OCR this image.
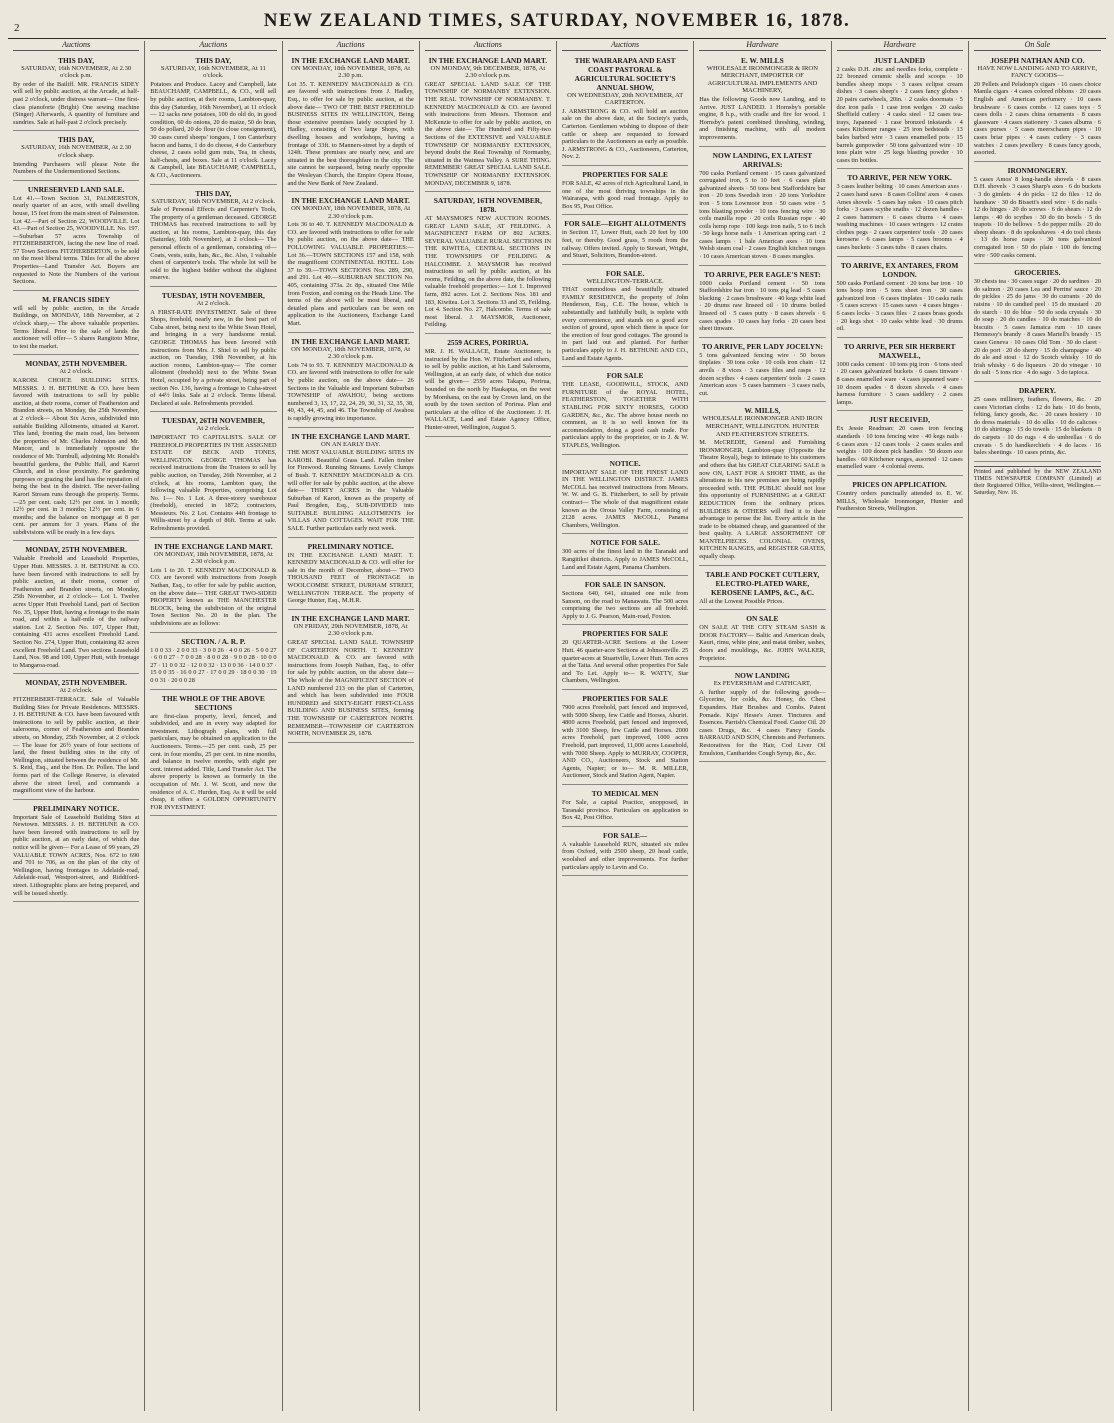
2	NEW ZEALAND TIMES, SATURDAY, NOVEMBER 16, 1878.
Auctions
THIS DAY,
SATURDAY, 16th NOVEMBER, At 2.30 o'clock p.m.

By order of the Bailiff. MR. FRANCIS SIDEY will sell by public auction, at the Arcade, at half-past 2 o'clock, under distress warrant— One first-class pianoforte (Bright) One sewing machine (Singer) Afterwards, A quantity of furniture and sundries. Sale at half-past 2 o'clock precisely.

THIS DAY,
SATURDAY, 16th NOVEMBER, At 2.30 o'clock sharp.

Intending Purchasers will please Note the Numbers of the Undermentioned Sections.

UNRESERVED LAND SALE.

Lot 41.—Town Section 31, PALMERSTON, nearly quarter of an acre, with small dwelling house, 15 feet from the main street of Palmerston. Lot 42.—Part of Section 22, WOODVILLE. Lot 43.—Part of Section 25, WOODVILLE. No. 197.—Suburban 57 acres Township of FITZHERBERTON, facing the new line of road. 57 Town Sections FITZHERBERTON, to be sold on the most liberal terms. Titles for all the above Properties—Land Transfer Act. Buyers are requested to Note the Numbers of the various Sections.

M. FRANCIS SIDEY

will sell by public auction, in the Arcade Buildings, on MONDAY, 18th November, at 2 o'clock sharp,— The above valuable properties. Terms liberal. Prior to the sale of lands the auctioneer will offer— 5 shares Rangitoto Mine, to test the market.

MONDAY, 25TH NOVEMBER.
At 2 o'clock.

KAROBI. CHOICE BUILDING SITES. MESSRS. J. H. BETHUNE & CO. have been favored with instructions to sell by public auction, at their rooms, corner of Featherston and Brandon streets, on Monday, the 25th November, at 2 o'clock— About Six Acres, subdivided into suitable Building Allotments, situated at Karori. This land, fronting the main road, lies between the properties of Mr. Charles Johnston and Mr. Mancer, and is immediately opposite the residence of Mr. Turnbull, adjoining Mr. Ronald's beautiful gardens, the Public Hall, and Karori Church, and in close proximity. For gardening purposes or grazing the land has the reputation of being the best in the district. The never-failing Karori Stream runs through the property. Terms.—25 per cent. cash; 12½ per cent. in 1 month; 12½ per cent. in 3 months; 12½ per cent. in 6 months; and the balance on mortgage at 8 per cent. per annum for 3 years. Plans of the subdivisions will be ready in a few days.

MONDAY, 25TH NOVEMBER.

Valuable Freehold and Leasehold Properties, Upper Hutt. MESSRS. J. H. BETHUNE & CO. have been favored with instructions to sell by public auction, at their rooms, corner of Featherston and Brandon streets, on Monday, 25th November, at 2 o'clock— Lot 1. Twelve acres Upper Hutt Freehold Land, part of Section No. 35, Upper Hutt, having a frontage to the main road, and within a half-mile of the railway station. Lot 2. Section No. 107, Upper Hutt, containing 431 acres excellent Freehold Land. Section No. 274, Upper Hutt, containing 82 acres excellent Freehold Land. Two sections Leasehold Land, Nos. 98 and 100, Upper Hutt, with frontage to Mangaroa-road.

MONDAY, 25TH NOVEMBER.
At 2 o'clock.

FITZHERBERT-TERRACE. Sale of Valuable Building Sites for Private Residences. MESSRS. J. H. BETHUNE & CO. have been favoured with instructions to sell by public auction, at their salerooms, corner of Featherston and Brandon streets, on Monday, 25th November, at 2 o'clock— The lease for 26½ years of four sections of land, the finest building sites in the city of Wellington, situated between the residence of Mr. S. Reid, Esq., and the Hon. Dr. Pollen. The land forms part of the College Reserve, is elevated above the street level, and commands a magnificent view of the harbour.

PRELIMINARY NOTICE.

Important Sale of Leasehold Building Sites at Newtown. MESSRS. J. H. BETHUNE & CO. have been favored with instructions to sell by public auction, at an early date, of which due notice will be given— For a Lease of 99 years, 29 VALUABLE TOWN ACRES, Nos. 672 to 690 and 701 to 706, as on the plan of the city of Wellington, having frontages to Adelaide-road, Adelaide-road, Westport-street, and Riddiford-street. Lithographic plans are being prepared, and will be issued shortly.

Auctions
THIS DAY,
SATURDAY, 16th NOVEMBER, At 11 o'clock.

Potatoes and Produce. Lacey and Campbell, late BEAUCHAMP, CAMPBELL, & CO., will sell by public auction, at their rooms, Lambton-quay, this day (Saturday, 16th November), at 11 o'clock— 12 sacks new potatoes, 100 do old do, in good condition, 60 do onions, 20 do maize, 50 do bran, 50 do pollard, 20 do flour (to close consignment), 30 cases cured sheeps' tongues, 1 ton Canterbury bacon and hams, 1 do do cheese, 4 do Canterbury cheese, 2 cases solid gum nuts, Tea, in chests, half-chests, and boxes. Sale at 11 o'clock. Lacey & Campbell, late BEAUCHAMP, CAMPBELL, & CO., Auctioneers.

THIS DAY,
SATURDAY, 16th NOVEMBER, At 2 o'clock.

Sale of Personal Effects and Carpenter's Tools, The property of a gentleman deceased. GEORGE THOMAS has received instructions to sell by auction, at his rooms, Lambton-quay, this day (Saturday, 16th November), at 2 o'clock— The personal effects of a gentleman, consisting of— Coats, vests, suits, hats, &c., &c. Also, 1 valuable chest of carpenter's tools. The whole lot will be sold to the highest bidder without the slightest reserve.

TUESDAY, 19TH NOVEMBER,
At 2 o'clock.

A FIRST-RATE INVESTMENT. Sale of three Shops, freehold, nearly new, in the best part of Cuba street, being next to the White Swan Hotel, and bringing in a very handsome rental. GEORGE THOMAS has been favored with instructions from Mrs. J. Shiel to sell by public auction, on Tuesday, 19th November, at his auction rooms, Lambton-quay— The corner allotment (freehold) next to the White Swan Hotel, occupied by a private street, being part of section No. 136, having a frontage to Cuba-street of 44½ links. Sale at 2 o'clock. Terms liberal. Declared at sale. Refreshments provided.

TUESDAY, 26TH NOVEMBER,
At 2 o'clock.

IMPORTANT TO CAPITALISTS. SALE OF FREEHOLD PROPERTIES IN THE ASSIGNED ESTATE OF BECK AND TONES, WELLINGTON. GEORGE THOMAS has received instructions from the Trustees to sell by public auction, on Tuesday, 26th November, at 2 o'clock, at his rooms, Lambton quay, the following valuable Properties, comprising Lot No. 1— No. 1 Lot. A three-storey warehouse (freehold), erected in 1872; contractors, Messieurs. No. 2 Lot. Contains 44ft frontage to Willis-street by a depth of 86ft. Terms at sale. Refreshments provided.

IN THE EXCHANGE LAND MART.
ON MONDAY, 18th NOVEMBER, 1878, At 2.30 o'clock p.m.

Lots 1 to 20. T. KENNEDY MACDONALD & CO. are favored with instructions from Joseph Nathan, Esq., to offer for sale by public auction, on the above date— THE GREAT TWO-SIDED PROPERTY known as THE MANCHESTER BLOCK, being the subdivision of the original Town Section No. 20 in the plan. The subdivisions are as follows:

SECTION. / A. R. P.

1 0 0 33 · 2 0 0 33 · 3 0 0 26 · 4 0 0 26 · 5 0 0 27 · 6 0 0 27 · 7 0 0 28 · 8 0 0 28 · 9 0 0 28 · 10 0 0 27 · 11 0 0 32 · 12 0 0 32 · 13 0 0 36 · 14 0 0 37 · 15 0 0 35 · 16 0 0 27 · 17 0 0 29 · 18 0 0 30 · 19 0 0 31 · 20 0 0 28

THE WHOLE OF THE ABOVE SECTIONS

are first-class property, level, fenced, and subdivided, and are in every way adapted for investment. Lithograph plans, with full particulars, may be obtained on application to the Auctioneers. Terms.—25 per cent. cash, 25 per cent. in four months, 25 per cent. in nine months, and balance in twelve months, with eight per cent. interest added. Title, Land Transfer Act. The above property is known as formerly in the occupation of Mr. J. W. Scott, and now the residence of A. C. Hurden, Esq. As it will be sold cheap, it offers a GOLDEN OPPORTUNITY FOR INVESTMENT.

Auctions
IN THE EXCHANGE LAND MART.
ON MONDAY, 18th NOVEMBER, 1878, At 2.30 p.m.

Lot 35. T. KENNEDY MACDONALD & CO. are favored with instructions from J. Hadley, Esq., to offer for sale by public auction, at the above date— TWO OF THE BEST FREEHOLD BUSINESS SITES IN WELLINGTON, Being those extensive premises lately occupied by J. Hadley, consisting of Two large Shops, with dwelling houses and workshops, having a frontage of 33ft. to Manners-street by a depth of 124ft. These premises are nearly new, and are situated in the best thoroughfare in the city. The site cannot be surpassed, being nearly opposite the Wesleyan Church, the Empire Opera House, and the New Bank of New Zealand.

IN THE EXCHANGE LAND MART.
ON MONDAY, 18th NOVEMBER, 1878, At 2.30 o'clock p.m.

Lots 36 to 40. T. KENNEDY MACDONALD & CO. are favored with instructions to offer for sale by public auction, on the above date— THE FOLLOWING VALUABLE PROPERTIES:— Lot 36.—TOWN SECTIONS 157 and 158, with the magnificent CONTINENTAL HOTEL. Lots 37 to 39.—TOWN SECTIONS Nos. 289, 290, and 291. Lot 40.—SUBURBAN SECTION No. 405, containing 373a. 2r. 8p., situated One Mile from Foxton, and coming on the Heads Line. The terms of the above will be most liberal, and detailed plans and particulars can be seen on application to the Auctioneers, Exchange Land Mart.

IN THE EXCHANGE LAND MART.
ON MONDAY, 18th NOVEMBER, 1878, At 2.30 o'clock p.m.

Lots 74 to 93. T. KENNEDY MACDONALD & CO. are favored with instructions to offer for sale by public auction, on the above date— 26 Sections in the Valuable and Important Suburban TOWNSHIP of AWAHOU, being sections numbered 3, 13, 17, 22, 24, 29, 30, 31, 32, 35, 38, 40, 43, 44, 45, and 46. The Township of Awahou is rapidly growing into importance.

IN THE EXCHANGE LAND MART.
ON AN EARLY DAY.

THE MOST VALUABLE BUILDING SITES IN KAROBI. Beautiful Grass Land. Fallen timber for Firewood. Running Streams. Lovely Clumps of Bush. T. KENNEDY MACDONALD & CO. will offer for sale by public auction, at the above date— THIRTY ACRES in the Valuable Suburban of Karori, known as the property of Paul Brogden, Esq., SUB-DIVIDED into SUITABLE BUILDING ALLOTMENTS for VILLAS AND COTTAGES. WAIT FOR THE SALE. Further particulars early next week.

PRELIMINARY NOTICE.

IN THE EXCHANGE LAND MART. T. KENNEDY MACDONALD & CO. will offer for sale in the month of December, about— TWO THOUSAND FEET of FRONTAGE in WOOLCOMBE STREET, DURHAM STREET, WELLINGTON TERRACE. The property of George Hunter, Esq., M.H.R.

IN THE EXCHANGE LAND MART.
ON FRIDAY, 29th NOVEMBER, 1878, At 2.30 o'clock p.m.

GREAT SPECIAL LAND SALE. TOWNSHIP OF CARTERTON NORTH. T. KENNEDY MACDONALD & CO. are favored with instructions from Joseph Nathan, Esq., to offer for sale by public auction, on the above date— The Whole of the MAGNIFICENT SECTION of LAND numbered 213 on the plan of Carterton, and which has been subdivided into FOUR HUNDRED and SIXTY-EIGHT FIRST-CLASS BUILDING AND BUSINESS SITES, forming THE TOWNSHIP OF CARTERTON NORTH. REMEMBER—TOWNSHIP OF CARTERTON NORTH, NOVEMBER 29, 1878.

Auctions
IN THE EXCHANGE LAND MART.
ON MONDAY, 9th DECEMBER, 1878, At 2.30 o'clock p.m.

GREAT SPECIAL LAND SALE OF THE TOWNSHIP OF NORMANBY EXTENSION. THE REAL TOWNSHIP OF NORMANBY. T. KENNEDY MACDONALD & CO. are favored with instructions from Messrs. Thomson and McKenzie to offer for sale by public auction, on the above date— The Hundred and Fifty-two Sections of the EXTENSIVE and VALUABLE TOWNSHIP OF NORMANBY EXTENSION, beyond doubt the Real Township of Normanby, situated in the Waimea Valley. A SURE THING. REMEMBER! GREAT SPECIAL LAND SALE. TOWNSHIP OF NORMANBY EXTENSION. MONDAY, DECEMBER 9, 1878.

SATURDAY, 16TH NOVEMBER, 1878.

AT MAYSMOR'S NEW AUCTION ROOMS. GREAT LAND SALE, AT FEILDING. A MAGNIFICENT FARM OF 892 ACRES. SEVERAL VALUABLE RURAL SECTIONS IN THE KIWITEA, CENTRAL SECTIONS IN THE TOWNSHIPS OF FEILDING & HALCOMBE. J. MAYSMOR has received instructions to sell by public auction, at his rooms, Feilding, on the above date, the following valuable freehold properties:— Lot 1. Improved farm, 892 acres. Lot 2. Sections Nos. 181 and 183, Kiwitea. Lot 3. Sections 33 and 35, Feilding. Lot 4. Section No. 27, Halcombe. Terms of sale most liberal. J. MAYSMOR, Auctioneer, Feilding.

2559 ACRES, PORIRUA.

MR. J. H. WALLACE, Estate Auctioneer, is instructed by the Hon. W. Fitzherbert and others, to sell by public auction, at his Land Salerooms, Wellington, at an early date, of which due notice will be given— 2559 acres Takapu, Porirua, bounded on the north by Haukapua, on the west by Mornhana, on the east by Crown land, on the south by the town section of Porirua. Plan and particulars at the office of the Auctioneer. J. H. WALLACE, Land and Estate Agency Office, Hunter-street, Wellington, August 5.

Auctions
THE WAIRARAPA AND EAST COAST PASTORAL & AGRICULTURAL SOCIETY'S ANNUAL SHOW,
ON WEDNESDAY, 20th NOVEMBER, AT CARTERTON.

J. ARMSTRONG & CO. will hold an auction sale on the above date, at the Society's yards, Carterton. Gentlemen wishing to dispose of their cattle or sheep are requested to forward particulars to the Auctioneers as early as possible. J. ARMSTRONG & CO., Auctioneers, Carterton, Nov. 2.

PROPERTIES FOR SALE

FOR SALE, 42 acres of rich Agricultural Land, in one of the most thriving townships in the Wairarapa, with good road frontage. Apply to Box 95, Post Office.

FOR SALE—EIGHT ALLOTMENTS

in Section 17, Lower Hutt, each 20 feet by 100 feet, or thereby. Good grass, 5 roods from the railway. Offers invited. Apply to Stewart, Wright, and Stuart, Solicitors, Brandon-street.

FOR SALE.
WELLINGTON-TERRACE.

THAT commodious and beautifully situated FAMILY RESIDENCE, the property of John Henderson, Esq., C.E. The house, which is substantially and faithfully built, is replete with every convenience, and stands on a good acre section of ground, upon which there is space for the erection of four good cottages. The ground is in part laid out and planted. For further particulars apply to J. H. BETHUNE AND CO., Land and Estate Agents.

FOR SALE

THE LEASE, GOODWILL, STOCK, AND FURNITURE of the ROYAL HOTEL, FEATHERSTON, TOGETHER WITH STABLING FOR SIXTY HORSES, GOOD GARDEN, &c., &c. The above house needs no comment, as it is so well known for its accommodation, doing a good cash trade. For particulars apply to the proprietor, or to J. & W. STAPLES, Wellington.

NOTICE.

IMPORTANT SALE OF THE FINEST LAND IN THE WELLINGTON DISTRICT. JAMES McCOLL has received instructions from Messrs. W. W. and G. B. Fitzherbert, to sell by private contract— The whole of that magnificent estate known as the Oroua Valley Farm, consisting of 2128 acres. JAMES McCOLL, Panama Chambers, Wellington.

NOTICE FOR SALE.

300 acres of the finest land in the Taranaki and Rangitikei districts. Apply to JAMES McCOLL, Land and Estate Agent, Panama Chambers.

FOR SALE IN SANSON.

Sections 640, 641, situated one mile from Sanson, on the road to Manawatu. The 500 acres comprising the two sections are all freehold. Apply to J. G. Pearson, Main-road, Foxton.

PROPERTIES FOR SALE

20 QUARTER-ACRE Sections at the Lower Hutt. 46 quarter-acre Sections at Johnsonville. 25 quarter-acres at Stuartville, Lower Hutt. Ten acres at the Taita. And several other properties For Sale and To Let. Apply to— R. WATTY, Star Chambers, Wellington.

PROPERTIES FOR SALE

7900 acres Freehold, part fenced and improved, with 5000 Sheep, few Cattle and Horses, Ahuriri. 4800 acres Freehold, part fenced and improved, with 3100 Sheep, few Cattle and Horses. 2000 acres Freehold, part improved, 1000 acres Freehold, part improved, 11,000 acres Leasehold, with 7000 Sheep. Apply to MURRAY, COOPER, AND CO., Auctioneers, Stock and Station Agents, Napier; or to— M. R. MILLER, Auctioneer, Stock and Station Agent, Napier.

TO MEDICAL MEN

For Sale, a capital Practice, unopposed, in Taranaki province. Particulars on application to Box 42, Post Office.

FOR SALE—

A valuable Leasehold RUN, situated six miles from Oxford, with 2500 sheep, 20 head cattle, woolshed and other improvements. For further particulars apply to Levin and Co.

Hardware
E. W. MILLS
WHOLESALE IRONMONGER & IRON MERCHANT, IMPORTER OF AGRICULTURAL IMPLEMENTS AND MACHINERY,

Has the following Goods now Landing, and to Arrive. JUST LANDED. 1 Hornsby's portable engine, 8 h.p., with cradle and fire for wood. 1 Hornsby's patent combined threshing, winding, and finishing machine, with all modern improvements.

NOW LANDING, EX LATEST ARRIVALS:

700 casks Portland cement · 15 cases galvanized corrugated iron, 5 to 10 feet · 6 cases plain galvanized sheets · 50 tons best Staffordshire bar iron · 20 tons Swedish iron · 20 tons Yorkshire iron · 5 tons Lowmoor iron · 50 cases wire · 5 tons blasting powder · 10 tons fencing wire · 30 coils manilla rope · 20 coils Russian rope · 40 coils hemp rope · 100 kegs iron nails, 5 to 6 inch · 50 kegs horse nails · 1 American spring cart · 2 cases lamps · 1 bale American axes · 10 tons Welsh steam coal · 2 cases English kitchen ranges · 10 cases American stoves · 8 cases mangles.

TO ARRIVE, PER EAGLE'S NEST:

1000 casks Portland cement · 50 tons Staffordshire bar iron · 10 tons pig lead · 5 cases blacking · 2 cases brushware · 40 kegs white lead · 20 drums raw linseed oil · 10 drums boiled linseed oil · 5 cases putty · 8 cases shovels · 6 cases spades · 10 cases hay forks · 20 cases best sheet tinware.

TO ARRIVE, PER LADY JOCELYN:

5 tons galvanized fencing wire · 50 boxes tinplates · 30 tons coke · 10 coils iron chain · 12 anvils · 8 vices · 3 cases files and rasps · 12 dozen scythes · 4 cases carpenters' tools · 2 cases American axes · 5 cases hammers · 3 cases nails, cut.

W. MILLS,
WHOLESALE IRONMONGER AND IRON MERCHANT, WELLINGTON. HUNTER AND FEATHERSTON STREETS.

M. McCREDIE, General and Furnishing IRONMONGER, Lambton-quay (Opposite the Theatre Royal), begs to intimate to his customers and others that his GREAT CLEARING SALE is now ON, LAST FOR A SHORT TIME, as the alterations to his new premises are being rapidly proceeded with. THE PUBLIC should not lose this opportunity of FURNISHING at a GREAT REDUCTION from the ordinary prices. BUILDERS & OTHERS will find it to their advantage to peruse the list. Every article in the trade to be obtained cheap, and guaranteed of the best quality. A LARGE ASSORTMENT OF MANTELPIECES. COLONIAL OVENS, KITCHEN RANGES, and REGISTER GRATES, equally cheap.

TABLE AND POCKET CUTLERY, ELECTRO-PLATED WARE, KEROSENE LAMPS, &C., &C.

All at the Lowest Possible Prices.

ON SALE

ON SALE AT THE CITY STEAM SASH & DOOR FACTORY— Baltic and American deals, Kauri, rimu, white pine, and matai timber, sashes, doors and mouldings, &c. JOHN WALKER, Proprietor.

NOW LANDING
Ex FEVERSHAM and CATHCART,

A further supply of the following goods— Glycerine, for colds, &c. Honey, do. Chest Expanders. Hair Brushes and Combs. Patent Pomade. Kips' Hesse's Amer. Tinctures and Essences. Parrish's Chemical Food. Castor Oil. 20 cases Drugs, &c. 4 cases Fancy Goods. BARRAUD AND SON, Chemists and Perfumers. Restoratives for the Hair, Cod Liver Oil Emulsion, Cantharides Cough Syrup, &c., &c.

Hardware
JUST LANDED

2 casks D.H. zinc and needles forks, complete · 22 bronzed ceramic shells and scoops · 10 bundles sheep mops · 3 cases eclipse cream dishes · 3 cases sheep's · 2 cases fancy globes · 20 pairs cartwheels, 20in. · 2 casks doormats · 5 doz iron pails · 1 case iron wedges · 20 casks Sheffield cutlery · 4 casks steel · 12 cases tea-trays, Japanned · 1 case bronzed inkstands · 4 cases Kitchener ranges · 25 iron bedsteads · 13 bales barbed wire · 3 cases enamelled pots · 15 barrels gunpowder · 50 tons galvanized wire · 10 tons plain wire · 25 kegs blasting powder · 10 cases tin bottles.

TO ARRIVE, PER NEW YORK.

3 cases leather belting · 10 cases American axes · 2 cases hand saws · 8 cases Collins' axes · 4 cases Ames shovels · 5 cases hay rakes · 10 cases pitch forks · 3 cases scythe snaths · 12 dozen handles · 2 cases hammers · 6 cases churns · 4 cases washing machines · 10 cases wringers · 12 crates clothes pegs · 2 cases carpenters' tools · 20 cases kerosene · 6 cases lamps · 5 cases brooms · 4 cases buckets · 3 cases tubs · 8 cases chairs.

TO ARRIVE, EX ANTARES, FROM LONDON.

500 casks Portland cement · 20 tons bar iron · 10 tons hoop iron · 5 tons sheet iron · 30 cases galvanized iron · 6 cases tinplates · 10 casks nails · 5 cases screws · 15 cases saws · 4 cases hinges · 6 cases locks · 3 cases files · 2 cases brass goods · 20 kegs shot · 10 casks white lead · 30 drums oil.

TO ARRIVE, PER SIR HERBERT MAXWELL,

1000 casks cement · 10 tons pig iron · 6 tons steel · 20 cases galvanized buckets · 6 cases tinware · 8 cases enamelled ware · 4 cases japanned ware · 10 dozen spades · 8 dozen shovels · 4 cases harness furniture · 3 cases saddlery · 2 cases lamps.

JUST RECEIVED,

Ex Jessie Readman: 20 cases iron fencing standards · 10 tons fencing wire · 40 kegs nails · 6 cases axes · 12 cases tools · 2 cases scales and weights · 100 dozen pick handles · 50 dozen axe handles · 60 Kitchener ranges, assorted · 12 cases enamelled ware · 4 colonial ovens.

PRICES ON APPLICATION.

Country orders punctually attended to. E. W. MILLS, Wholesale Ironmonger, Hunter and Featherston Streets, Wellington.

On Sale
JOSEPH NATHAN AND CO.
HAVE NOW LANDING AND TO ARRIVE, FANCY GOODS—

20 Pellets and Pelsdonp's cigars · 16 cases choice Manila cigars · 4 cases colored ribbons · 20 cases English and American perfumery · 10 cases brushware · 6 cases combs · 12 cases toys · 5 cases dolls · 2 cases china ornaments · 8 cases glassware · 4 cases stationery · 3 cases albums · 6 cases purses · 5 cases meerschaum pipes · 10 cases briar pipes · 4 cases cutlery · 3 cases watches · 2 cases jewellery · 8 cases fancy goods, assorted.

IRONMONGERY.

5 cases Amos' 8 long-handle shovels · 8 cases D.H. shovels · 3 cases Sharp's axes · 6 do buckets · 3 do gimlets · 4 do picks · 12 do files · 12 do handsaw · 30 do Bissett's steel wire · 6 do nails · 12 do hinges · 20 do screws · 6 do shears · 12 do lamps · 40 do scythes · 30 do tin bowls · 5 do teapots · 10 do bellows · 5 do pepper mills · 20 do sheep shears · 8 do spokeshaves · 4 do tool chests · 13 do horse rasps · 30 tons galvanized corrugated iron · 50 do plain · 100 do fencing wire · 500 casks cement.

GROCERIES.

30 chests tea · 30 cases sugar · 20 do sardines · 20 do salmon · 20 cases Lea and Perrins' sauce · 20 do pickles · 25 do jams · 30 do currants · 20 do raisins · 10 do candied peel · 15 do mustard · 20 do starch · 10 do blue · 50 do soda crystals · 30 do soap · 20 do candles · 10 do matches · 10 do biscuits · 5 cases Jamaica rum · 10 cases Hennessy's brandy · 8 cases Martell's brandy · 15 cases Geneva · 10 cases Old Tom · 30 do claret · 20 do port · 20 do sherry · 15 do champagne · 40 do ale and stout · 12 do Scotch whisky · 10 do Irish whisky · 6 do liqueurs · 20 do vinegar · 10 do salt · 5 tons rice · 4 do sago · 3 do tapioca.

DRAPERY.

25 cases millinery, feathers, flowers, &c. · 20 cases Victorian cloths · 12 do hats · 10 do boots, felting, fancy goods, &c. · 20 cases hosiery · 10 do dress materials · 10 do silks · 10 do calicoes · 10 do shirtings · 15 do towels · 15 do blankets · 8 do carpets · 10 do rugs · 4 do umbrellas · 6 do cravats · 5 do handkerchiefs · 4 do laces · 16 bales sheetings · 10 cases prints, &c.

Printed and published by the NEW ZEALAND TIMES NEWSPAPER COMPANY (Limited) at their Registered Office, Willis-street, Wellington.—Saturday, Nov. 16.
